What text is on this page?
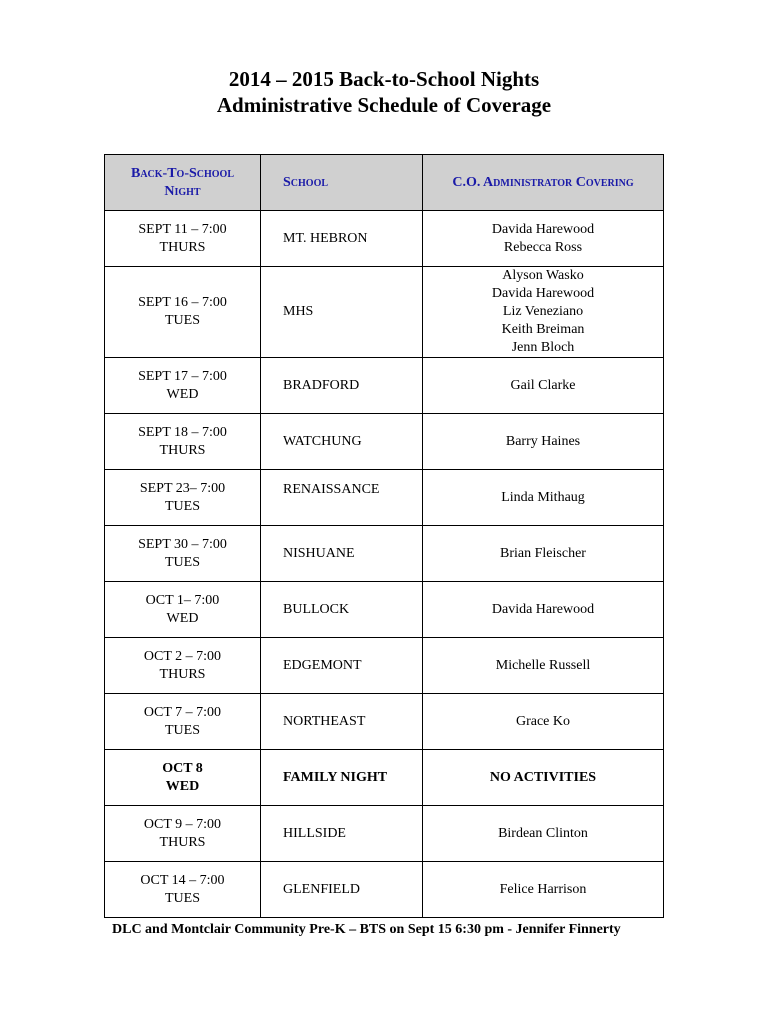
2014 – 2015 Back-to-School Nights
Administrative Schedule of Coverage
Back-To-School
Night	School	C.O. Administrator Covering

SEPT 11 – 7:00
THURS	MT. HEBRON	Davida Harewood
Rebecca Ross

SEPT 16 – 7:00
TUES	MHS	Alyson Wasko
Davida Harewood
Liz Veneziano
Keith Breiman
Jenn Bloch

SEPT 17 – 7:00
WED	BRADFORD	Gail Clarke

SEPT 18 – 7:00
THURS	WATCHUNG	Barry Haines

SEPT 23– 7:00
TUES	RENAISSANCE	Linda Mithaug

SEPT 30 – 7:00
TUES	NISHUANE	Brian Fleischer

OCT 1– 7:00
WED	BULLOCK	Davida Harewood

OCT 2 – 7:00
THURS	EDGEMONT	Michelle Russell

OCT 7 – 7:00
TUES	NORTHEAST	Grace Ko

OCT 8
WED	FAMILY NIGHT	NO ACTIVITIES

OCT 9 – 7:00
THURS	HILLSIDE	Birdean Clinton

OCT 14 – 7:00
TUES	GLENFIELD	Felice Harrison
DLC and Montclair Community Pre-K – BTS on Sept 15 6:30 pm - Jennifer Finnerty
